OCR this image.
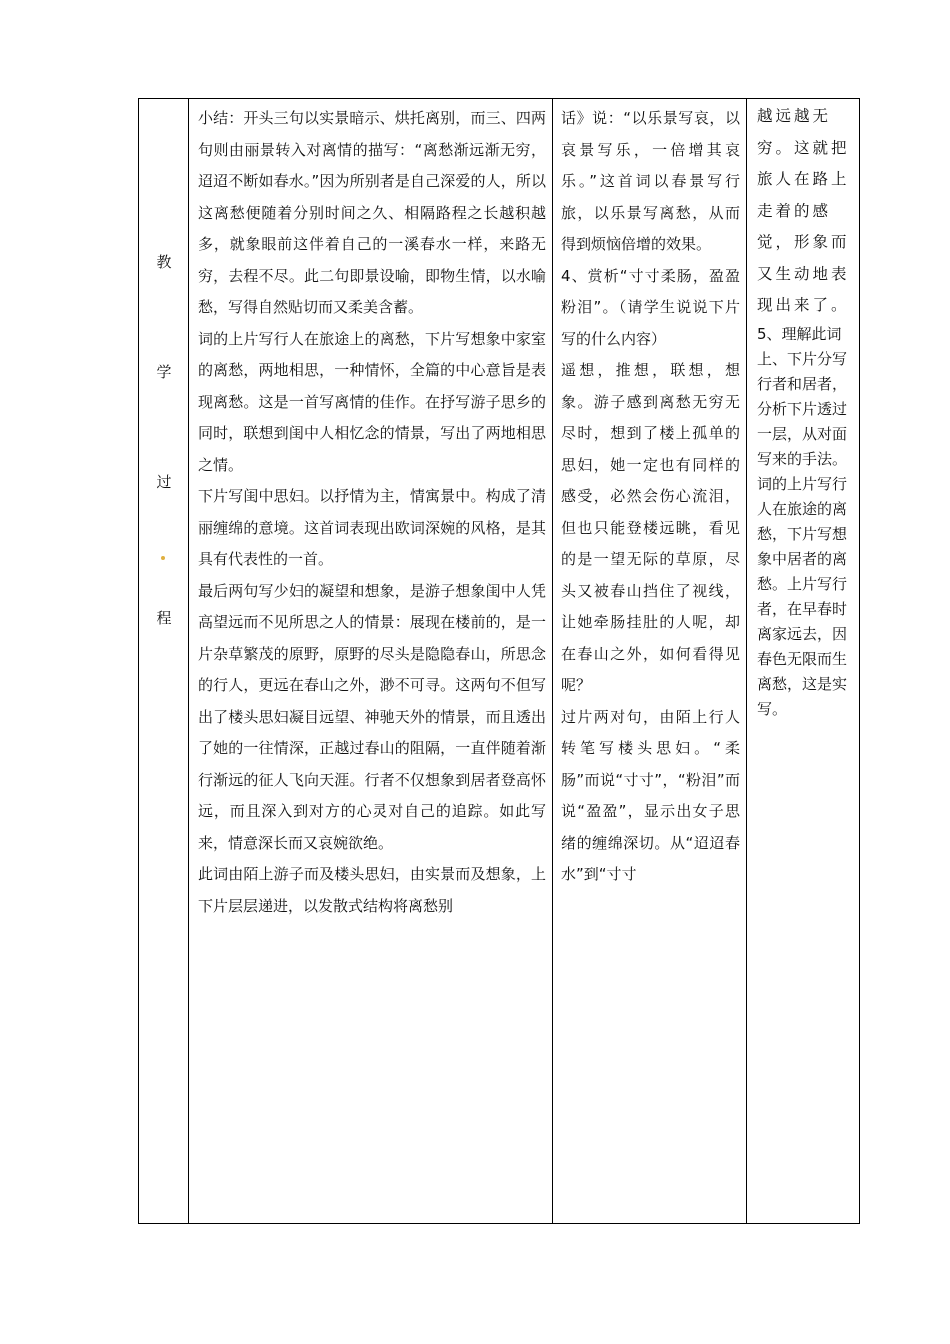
教
学
过
程

小结：开头三句以实景暗示、烘托离别，而三、四两句则由丽景转入对离情的描写：“离愁渐远渐无穷，迢迢不断如春水。”因为所别者是自己深爱的人，所以这离愁便随着分别时间之久、相隔路程之长越积越多，就象眼前这伴着自己的一溪春水一样，来路无穷，去程不尽。此二句即景设喻，即物生情，以水喻愁，写得自然贴切而又柔美含蓄。

词的上片写行人在旅途上的离愁，下片写想象中家室的离愁，两地相思，一种情怀，全篇的中心意旨是表现离愁。这是一首写离情的佳作。在抒写游子思乡的同时，联想到闺中人相忆念的情景，写出了两地相思之情。

下片写闺中思妇。以抒情为主，情寓景中。构成了清丽缠绵的意境。这首词表现出欧词深婉的风格，是其具有代表性的一首。

最后两句写少妇的凝望和想象，是游子想象闺中人凭高望远而不见所思之人的情景：展现在楼前的，是一片杂草繁茂的原野，原野的尽头是隐隐春山，所思念的行人，更远在春山之外，渺不可寻。这两句不但写出了楼头思妇凝目远望、神驰天外的情景，而且透出了她的一往情深，正越过春山的阻隔，一直伴随着渐行渐远的征人飞向天涯。行者不仅想象到居者登高怀远，而且深入到对方的心灵对自己的追踪。如此写来，情意深长而又哀婉欲绝。

此词由陌上游子而及楼头思妇，由实景而及想象，上下片层层递进，以发散式结构将离愁别

话》说：“以乐景写哀，以哀景写乐，一倍增其哀乐。”这首词以春景写行旅，以乐景写离愁，从而得到烦恼倍增的效果。

4、赏析“寸寸柔肠，盈盈粉泪”。（请学生说说下片写的什么内容）

遥想，推想，联想，想象。游子感到离愁无穷无尽时，想到了楼上孤单的思妇，她一定也有同样的感受，必然会伤心流泪，但也只能登楼远眺，看见的是一望无际的草原，尽头又被春山挡住了视线，让她牵肠挂肚的人呢，却在春山之外，如何看得见呢？

过片两对句，由陌上行人转笔写楼头思妇。“柔肠”而说“寸寸”，“粉泪”而说“盈盈”，显示出女子思绪的缠绵深切。从“迢迢春水”到“寸寸

越远越无穷。这就把旅人在路上走着的感觉，形象而又生动地表现出来了。

5、理解此词上、下片分写行者和居者，分析下片透过一层，从对面写来的手法。 词的上片写行人在旅途的离愁，下片写想象中居者的离愁。上片写行者，在早春时离家远去，因春色无限而生离愁，这是实写。
